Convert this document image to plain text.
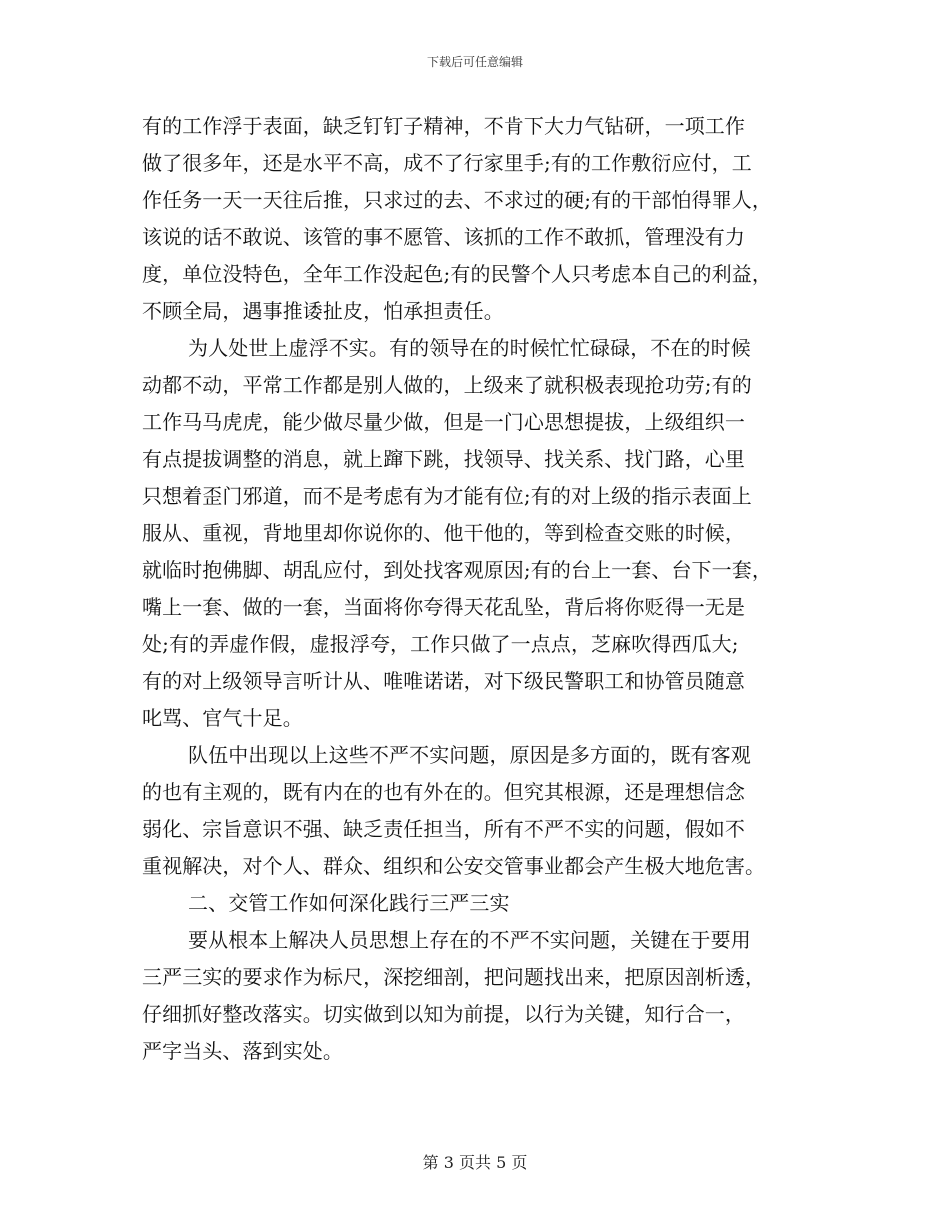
下载后可任意编辑
有的工作浮于表面，缺乏钉钉子精神，不肯下大力气钻研，一项工作
做了很多年，还是水平不高，成不了行家里手;有的工作敷衍应付，工
作任务一天一天往后推，只求过的去、不求过的硬;有的干部怕得罪人，
该说的话不敢说、该管的事不愿管、该抓的工作不敢抓，管理没有力
度，单位没特色，全年工作没起色;有的民警个人只考虑本自己的利益，
不顾全局，遇事推诿扯皮，怕承担责任。
为人处世上虚浮不实。有的领导在的时候忙忙碌碌，不在的时候
动都不动，平常工作都是别人做的，上级来了就积极表现抢功劳;有的
工作马马虎虎，能少做尽量少做，但是一门心思想提拔，上级组织一
有点提拔调整的消息，就上蹿下跳，找领导、找关系、找门路，心里
只想着歪门邪道，而不是考虑有为才能有位;有的对上级的指示表面上
服从、重视，背地里却你说你的、他干他的，等到检查交账的时候，
就临时抱佛脚、胡乱应付，到处找客观原因;有的台上一套、台下一套，
嘴上一套、做的一套，当面将你夸得天花乱坠，背后将你贬得一无是
处;有的弄虚作假，虚报浮夸，工作只做了一点点，芝麻吹得西瓜大;
有的对上级领导言听计从、唯唯诺诺，对下级民警职工和协管员随意
叱骂、官气十足。
队伍中出现以上这些不严不实问题，原因是多方面的，既有客观
的也有主观的，既有内在的也有外在的。但究其根源，还是理想信念
弱化、宗旨意识不强、缺乏责任担当，所有不严不实的问题，假如不
重视解决，对个人、群众、组织和公安交管事业都会产生极大地危害。
二、交管工作如何深化践行三严三实
要从根本上解决人员思想上存在的不严不实问题，关键在于要用
三严三实的要求作为标尺，深挖细剖，把问题找出来，把原因剖析透，
仔细抓好整改落实。切实做到以知为前提，以行为关键，知行合一，
严字当头、落到实处。
第 3 页共 5 页
